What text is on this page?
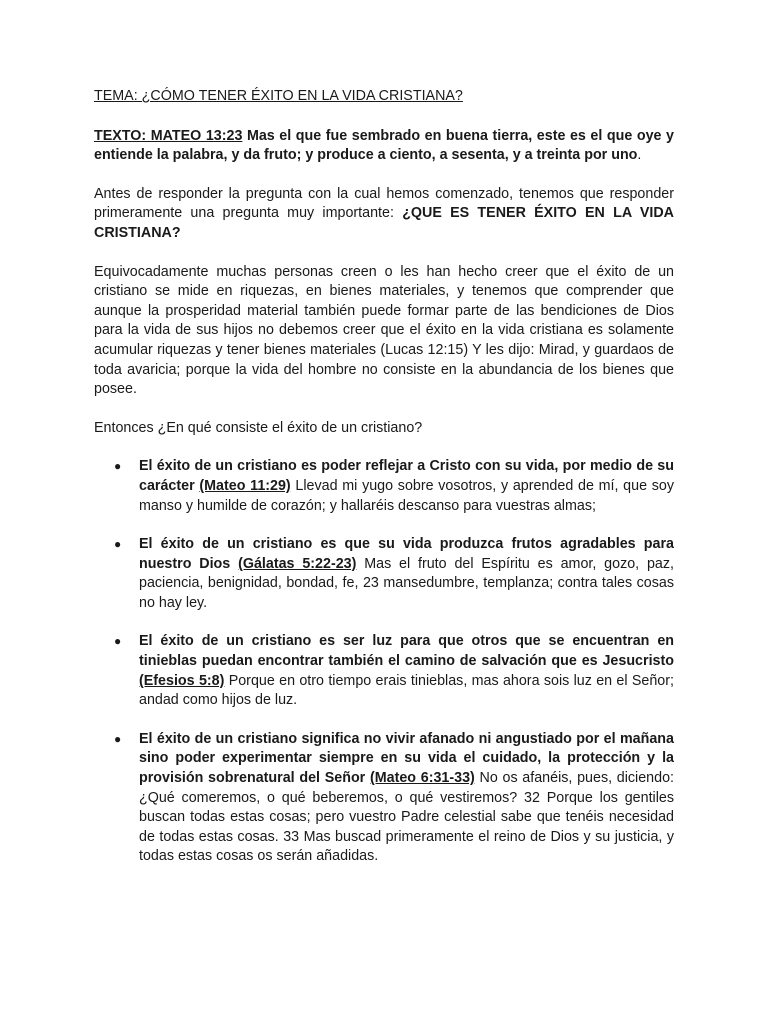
TEMA: ¿CÓMO TENER ÉXITO EN LA VIDA CRISTIANA?

TEXTO: MATEO 13:23 Mas el que fue sembrado en buena tierra, este es el que oye y entiende la palabra, y da fruto; y produce a ciento, a sesenta, y a treinta por uno.

Antes de responder la pregunta con la cual hemos comenzado, tenemos que responder primeramente una pregunta muy importante: ¿QUE ES TENER ÉXITO EN LA VIDA CRISTIANA?

Equivocadamente muchas personas creen o les han hecho creer que el éxito de un cristiano se mide en riquezas, en bienes materiales, y tenemos que comprender que aunque la prosperidad material también puede formar parte de las bendiciones de Dios para la vida de sus hijos no debemos creer que el éxito en la vida cristiana es solamente acumular riquezas y tener bienes materiales (Lucas 12:15) Y les dijo: Mirad, y guardaos de toda avaricia; porque la vida del hombre no consiste en la abundancia de los bienes que posee.

Entonces ¿En qué consiste el éxito de un cristiano?

● El éxito de un cristiano es poder reflejar a Cristo con su vida, por medio de su carácter (Mateo 11:29) Llevad mi yugo sobre vosotros, y aprended de mí, que soy manso y humilde de corazón; y hallaréis descanso para vuestras almas;
● El éxito de un cristiano es que su vida produzca frutos agradables para nuestro Dios (Gálatas 5:22-23) Mas el fruto del Espíritu es amor, gozo, paz, paciencia, benignidad, bondad, fe, 23 mansedumbre, templanza; contra tales cosas no hay ley.
● El éxito de un cristiano es ser luz para que otros que se encuentran en tinieblas puedan encontrar también el camino de salvación que es Jesucristo (Efesios 5:8) Porque en otro tiempo erais tinieblas, mas ahora sois luz en el Señor; andad como hijos de luz.
● El éxito de un cristiano significa no vivir afanado ni angustiado por el mañana sino poder experimentar siempre en su vida el cuidado, la protección y la provisión sobrenatural del Señor (Mateo 6:31-33) No os afanéis, pues, diciendo: ¿Qué comeremos, o qué beberemos, o qué vestiremos? 32 Porque los gentiles buscan todas estas cosas; pero vuestro Padre celestial sabe que tenéis necesidad de todas estas cosas. 33 Mas buscad primeramente el reino de Dios y su justicia, y todas estas cosas os serán añadidas.
